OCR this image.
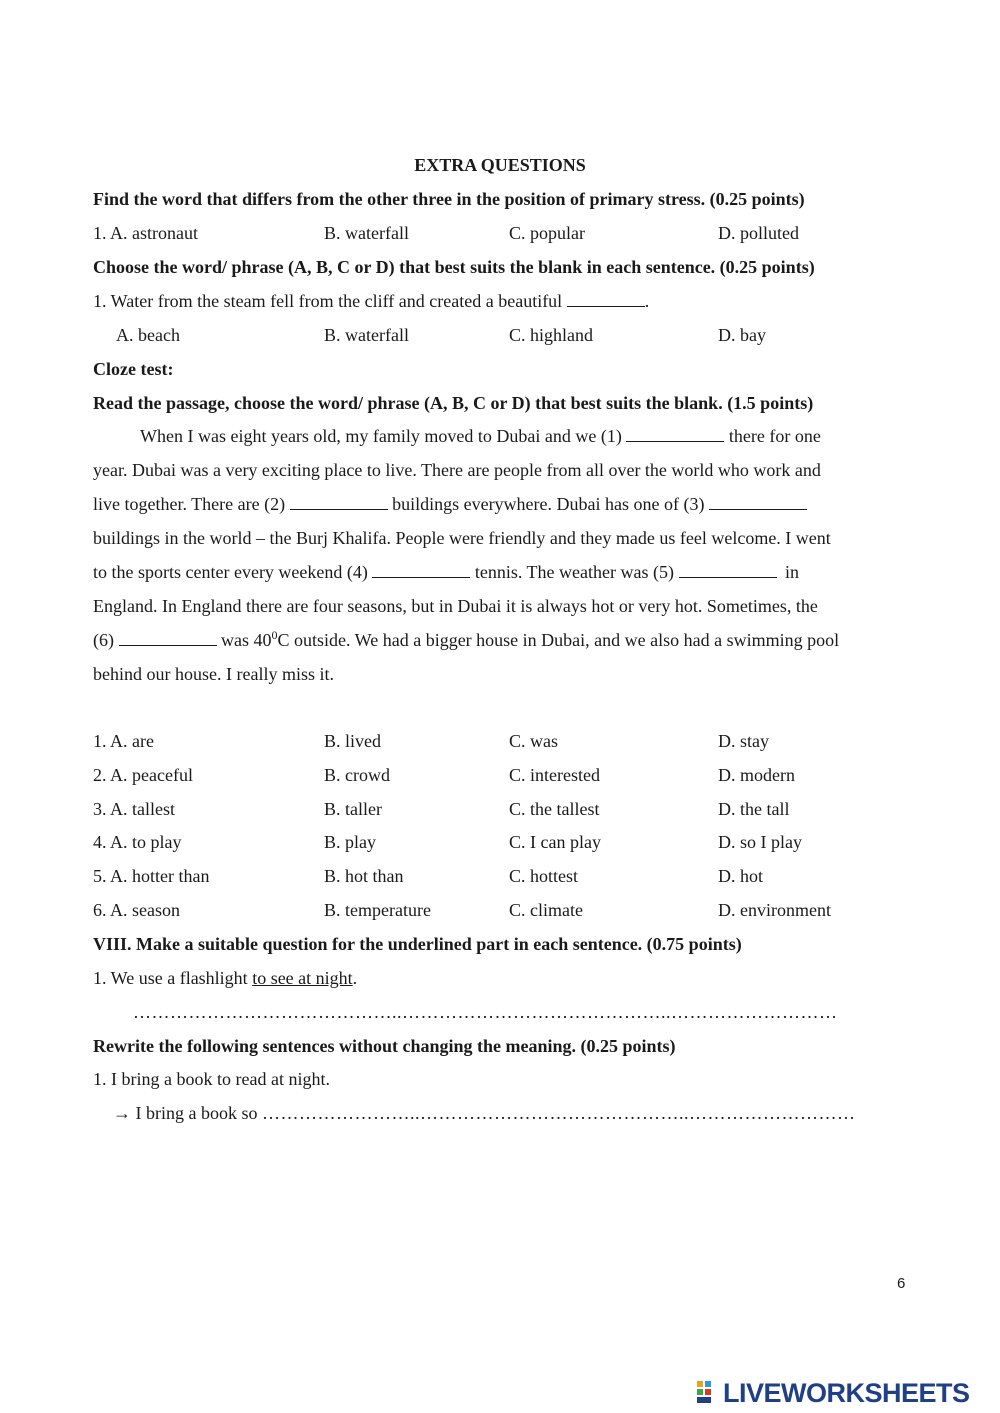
EXTRA QUESTIONS
Find the word that differs from the other three in the position of primary stress. (0.25 points)
1. A. astronaut	B. waterfall	C. popular	D. polluted
Choose the word/ phrase (A, B, C or D) that best suits the blank in each sentence. (0.25 points)
1. Water from the steam fell from the cliff and created a beautiful	.
A. beach	B. waterfall	C. highland	D. bay
Cloze test:
Read the passage, choose the word/ phrase (A, B, C or D) that best suits the blank. (1.5 points)
When I was eight years old, my family moved to Dubai and we (1)	there for one
year. Dubai was a very exciting place to live. There are people from all over the world who work and
live together. There are (2)	buildings everywhere. Dubai has one of (3)
buildings in the world – the Burj Khalifa. People were friendly and they made us feel welcome. I went
to the sports center every weekend (4)	tennis. The weather was (5)	in
England. In England there are four seasons, but in Dubai it is always hot or very hot. Sometimes, the
(6)	was $40^0C$ outside. We had a bigger house in Dubai, and we also had a swimming pool
behind our house. I really miss it.
1. A. are	B. lived	C. was	D. stay
2. A. peaceful	B. crowd	C. interested	D. modern
3. A. tallest	B. taller	C. the tallest	D. the tall
4. A. to play	B. play	C. I can play	D. so I play
5. A. hotter than	B. hot than	C. hottest	D. hot
6. A. season	B. temperature	C. climate	D. environment
VIII. Make a suitable question for the underlined part in each sentence. (0.75 points)
1. We use a flashlight to see at night.
……………………………………..……………………………………..………………………
Rewrite the following sentences without changing the meaning. (0.25 points)
1. I bring a book to read at night.
→ I bring a book so ……………………..……………………………………..………………………
6
LIVEWORKSHEETS
